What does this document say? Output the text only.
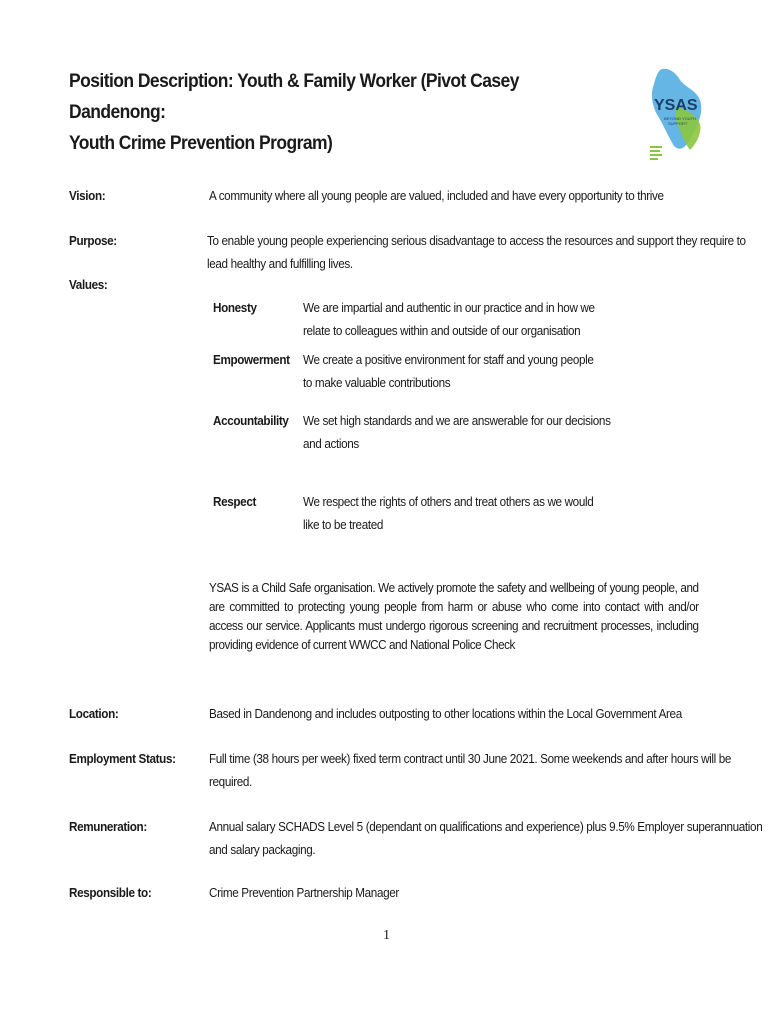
Position Description: Youth & Family Worker (Pivot Casey Dandenong:
Youth Crime Prevention Program)
YSAS
BEYOND YOUTH
SUPPORT
Vision:	A community where all young people are valued, included and have every opportunity to thrive
Purpose:	To enable young people experiencing serious disadvantage to access the resources and support they require to
lead healthy and fulfilling lives.
Values:
Honesty	We are impartial and authentic in our practice and in how we
relate to colleagues within and outside of our organisation
Empowerment We create a positive environment for staff and young people
to make valuable contributions
Accountability We set high standards and we are answerable for our decisions
and actions
Respect	We respect the rights of others and treat others as we would
like to be treated
YSAS is a Child Safe organisation. We actively promote the safety and wellbeing of young people, and are committed to protecting young people from harm or abuse who come into contact with and/or access our service. Applicants must undergo rigorous screening and recruitment processes, including providing evidence of current WWCC and National Police Check
Location:	Based in Dandenong and includes outposting to other locations within the Local Government Area
Employment Status:	Full time (38 hours per week) fixed term contract until 30 June 2021. Some weekends and after hours will be
required.
Remuneration:	Annual salary SCHADS Level 5 (dependant on qualifications and experience) plus 9.5% Employer superannuation
and salary packaging.
Responsible to:	Crime Prevention Partnership Manager
1
